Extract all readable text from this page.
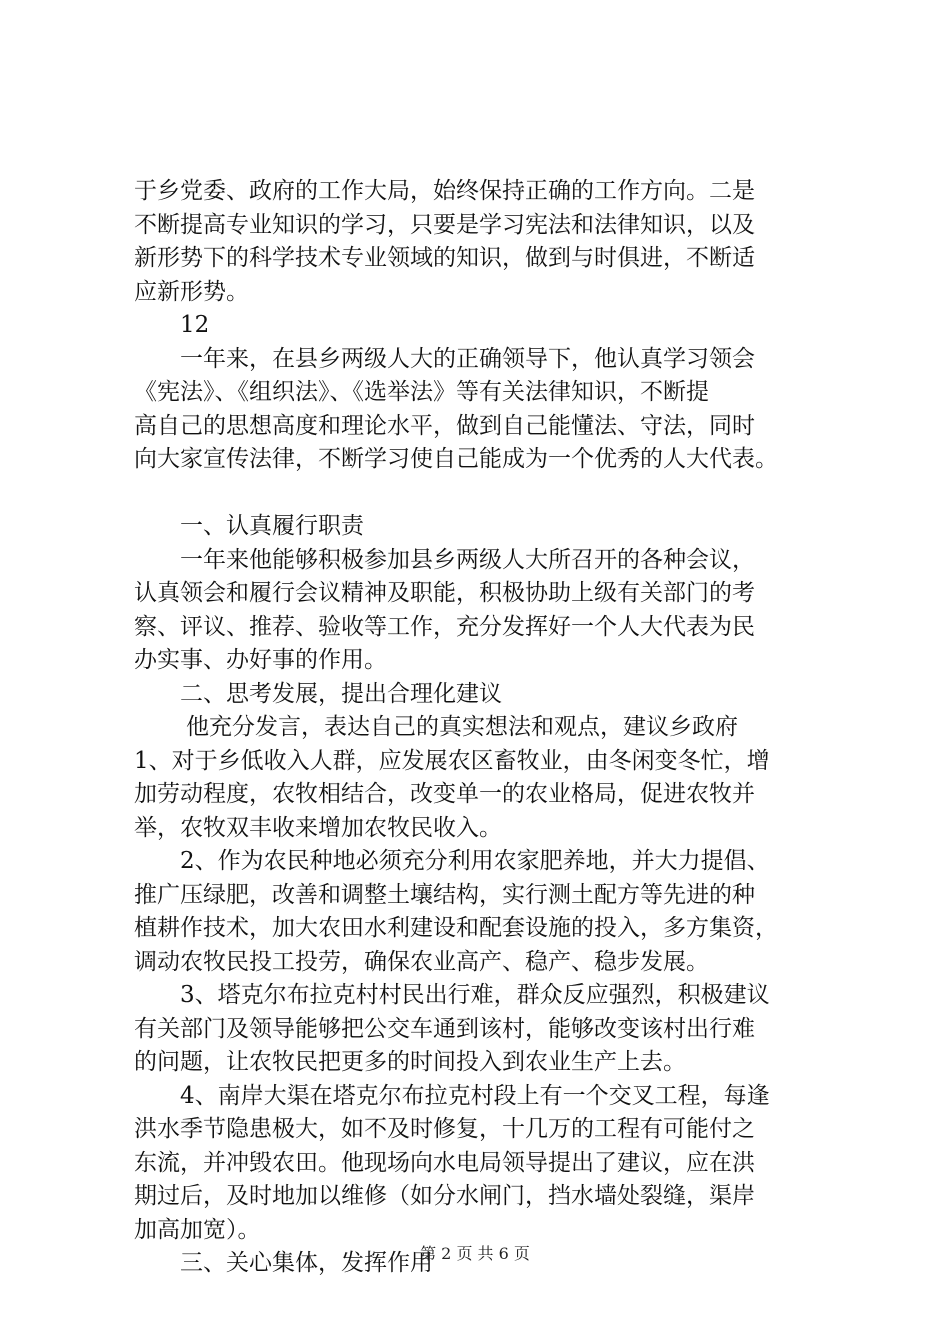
于乡党委、政府的工作大局，始终保持正确的工作方向。二是
不断提高专业知识的学习，只要是学习宪法和法律知识，以及
新形势下的科学技术专业领域的知识，做到与时俱进，不断适
应新形势。
12
一年来，在县乡两级人大的正确领导下，他认真学习领会
《宪法》、《组织法》、《选举法》等有关法律知识，不断提
高自己的思想高度和理论水平，做到自己能懂法、守法，同时
向大家宣传法律，不断学习使自己能成为一个优秀的人大代表。
一、认真履行职责
一年来他能够积极参加县乡两级人大所召开的各种会议，
认真领会和履行会议精神及职能，积极协助上级有关部门的考
察、评议、推荐、验收等工作，充分发挥好一个人大代表为民
办实事、办好事的作用。
二、思考发展，提出合理化建议
他充分发言，表达自己的真实想法和观点，建议乡政府
1、对于乡低收入人群，应发展农区畜牧业，由冬闲变冬忙，增
加劳动程度，农牧相结合，改变单一的农业格局，促进农牧并
举，农牧双丰收来增加农牧民收入。
2、作为农民种地必须充分利用农家肥养地，并大力提倡、
推广压绿肥，改善和调整土壤结构，实行测土配方等先进的种
植耕作技术，加大农田水利建设和配套设施的投入，多方集资，
调动农牧民投工投劳，确保农业高产、稳产、稳步发展。
3、塔克尔布拉克村村民出行难，群众反应强烈，积极建议
有关部门及领导能够把公交车通到该村，能够改变该村出行难
的问题，让农牧民把更多的时间投入到农业生产上去。
4、南岸大渠在塔克尔布拉克村段上有一个交叉工程，每逢
洪水季节隐患极大，如不及时修复，十几万的工程有可能付之
东流，并冲毁农田。他现场向水电局领导提出了建议，应在洪
期过后，及时地加以维修（如分水闸门，挡水墙处裂缝，渠岸
加高加宽）。
三、关心集体，发挥作用
第 2 页 共 6 页
